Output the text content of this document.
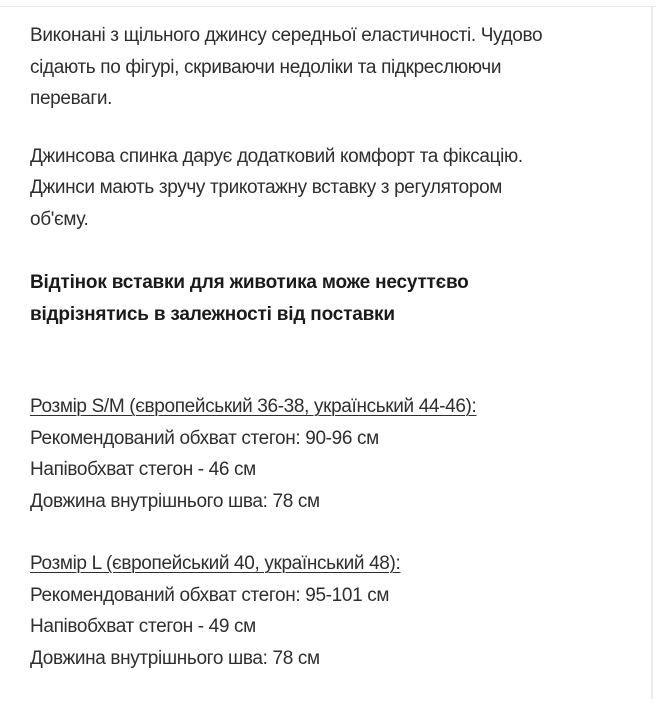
Виконані з щільного джинсу середньої еластичності. Чудово
сідають по фігурі, скриваючи недоліки та підкреслюючи
переваги.

Джинсова спинка дарує додатковий комфорт та фіксацію.
Джинси мають зручу трикотажну вставку з регулятором
об'єму.

Відтінок вставки для животика може несуттєво
відрізнятись в залежності від поставки

Розмір S/M (європейський 36-38, український 44-46):
Рекомендований обхват стегон: 90-96 см
Напівобхват стегон - 46 см
Довжина внутрішнього шва: 78 см
Розмір L (європейський 40, український 48):
Рекомендований обхват стегон: 95-101 см
Напівобхват стегон - 49 см
Довжина внутрішнього шва: 78 см
